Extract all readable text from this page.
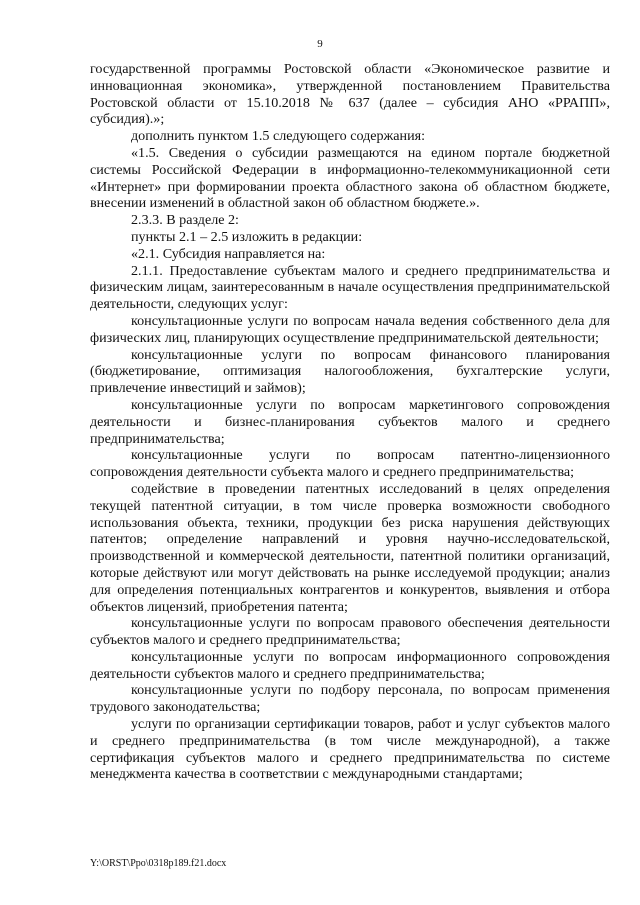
9

государственной программы Ростовской области «Экономическое развитие и инновационная экономика», утвержденной постановлением Правительства Ростовской области от 15.10.2018 № 637 (далее – субсидия АНО «РРАПП», субсидия).»;

дополнить пунктом 1.5 следующего содержания:

«1.5. Сведения о субсидии размещаются на едином портале бюджетной системы Российской Федерации в информационно-телекоммуникационной сети «Интернет» при формировании проекта областного закона об областном бюджете, внесении изменений в областной закон об областном бюджете.».

2.3.3. В разделе 2:

пункты 2.1 – 2.5 изложить в редакции:

«2.1. Субсидия направляется на:

2.1.1. Предоставление субъектам малого и среднего предпринимательства и физическим лицам, заинтересованным в начале осуществления предпринимательской деятельности, следующих услуг:

консультационные услуги по вопросам начала ведения собственного дела для физических лиц, планирующих осуществление предпринимательской деятельности;

консультационные услуги по вопросам финансового планирования (бюджетирование, оптимизация налогообложения, бухгалтерские услуги, привлечение инвестиций и займов);

консультационные услуги по вопросам маркетингового сопровождения деятельности и бизнес-планирования субъектов малого и среднего предпринимательства;

консультационные услуги по вопросам патентно-лицензионного сопровождения деятельности субъекта малого и среднего предпринимательства;

содействие в проведении патентных исследований в целях определения текущей патентной ситуации, в том числе проверка возможности свободного использования объекта, техники, продукции без риска нарушения действующих патентов; определение направлений и уровня научно-исследовательской, производственной и коммерческой деятельности, патентной политики организаций, которые действуют или могут действовать на рынке исследуемой продукции; анализ для определения потенциальных контрагентов и конкурентов, выявления и отбора объектов лицензий, приобретения патента;

консультационные услуги по вопросам правового обеспечения деятельности субъектов малого и среднего предпринимательства;

консультационные услуги по вопросам информационного сопровождения деятельности субъектов малого и среднего предпринимательства;

консультационные услуги по подбору персонала, по вопросам применения трудового законодательства;

услуги по организации сертификации товаров, работ и услуг субъектов малого и среднего предпринимательства (в том числе международной), а также сертификация субъектов малого и среднего предпринимательства по системе менеджмента качества в соответствии с международными стандартами;

Y:\ORST\Ppo\0318p189.f21.docx
